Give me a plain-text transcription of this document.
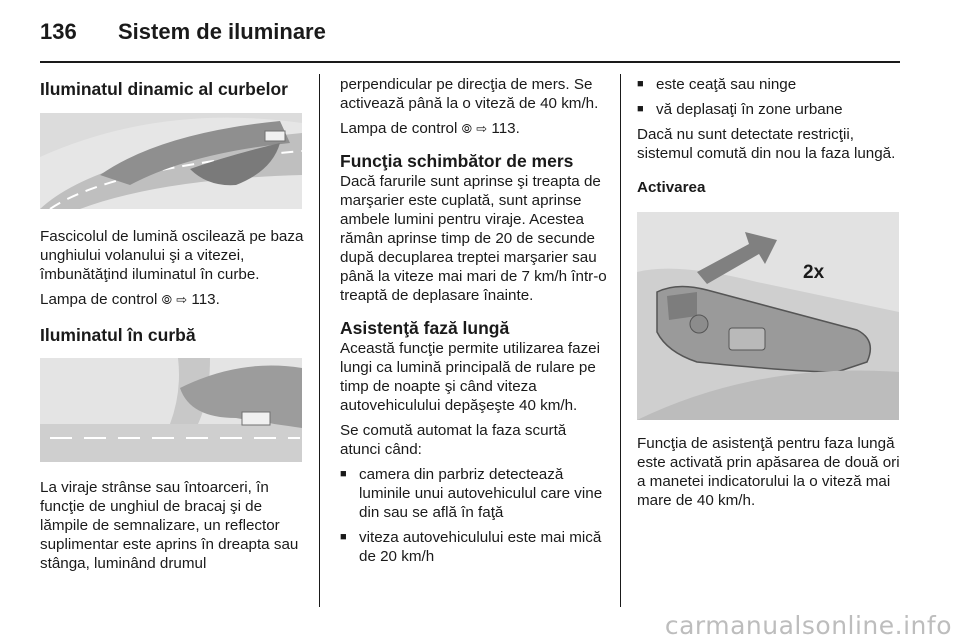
136 Sistem de iluminare
Iluminatul dinamic al curbelor

Fascicolul de lumină oscilează pe baza unghiului volanului şi a vitezei, îmbunătăţind iluminatul în curbe.

Lampa de control ⦾ ⇨ 113.

Iluminatul în curbă

La viraje strânse sau întoarceri, în funcţie de unghiul de bracaj şi de lămpile de semnalizare, un reflector suplimentar este aprins în dreapta sau stânga, luminând drumul

perpendicular pe direcţia de mers. Se activează până la o viteză de 40 km/h.

Lampa de control ⦾ ⇨ 113.

Funcţia schimbător de mers

Dacă farurile sunt aprinse şi treapta de marşarier este cuplată, sunt aprinse ambele lumini pentru viraje. Acestea rămân aprinse timp de 20 de secunde după decuplarea treptei marşarier sau până la viteze mai mari de 7 km/h într-o treaptă de deplasare înainte.

Asistenţă fază lungă

Această funcţie permite utilizarea fazei lungi ca lumină principală de rulare pe timp de noapte şi când viteza autovehiculului depăşeşte 40 km/h.

Se comută automat la faza scurtă atunci când:

■ camera din parbriz detectează luminile unui autovehiculul care vine din sau se află în faţă
■ viteza autovehiculului este mai mică de 20 km/h
■ este ceaţă sau ninge
■ vă deplasaţi în zone urbane

Dacă nu sunt detectate restricţii, sistemul comută din nou la faza lungă.

Activarea
2x

Funcţia de asistenţă pentru faza lungă este activată prin apăsarea de două ori a manetei indicatorului la o viteză mai mare de 40 km/h.

carmanualsonline.info
